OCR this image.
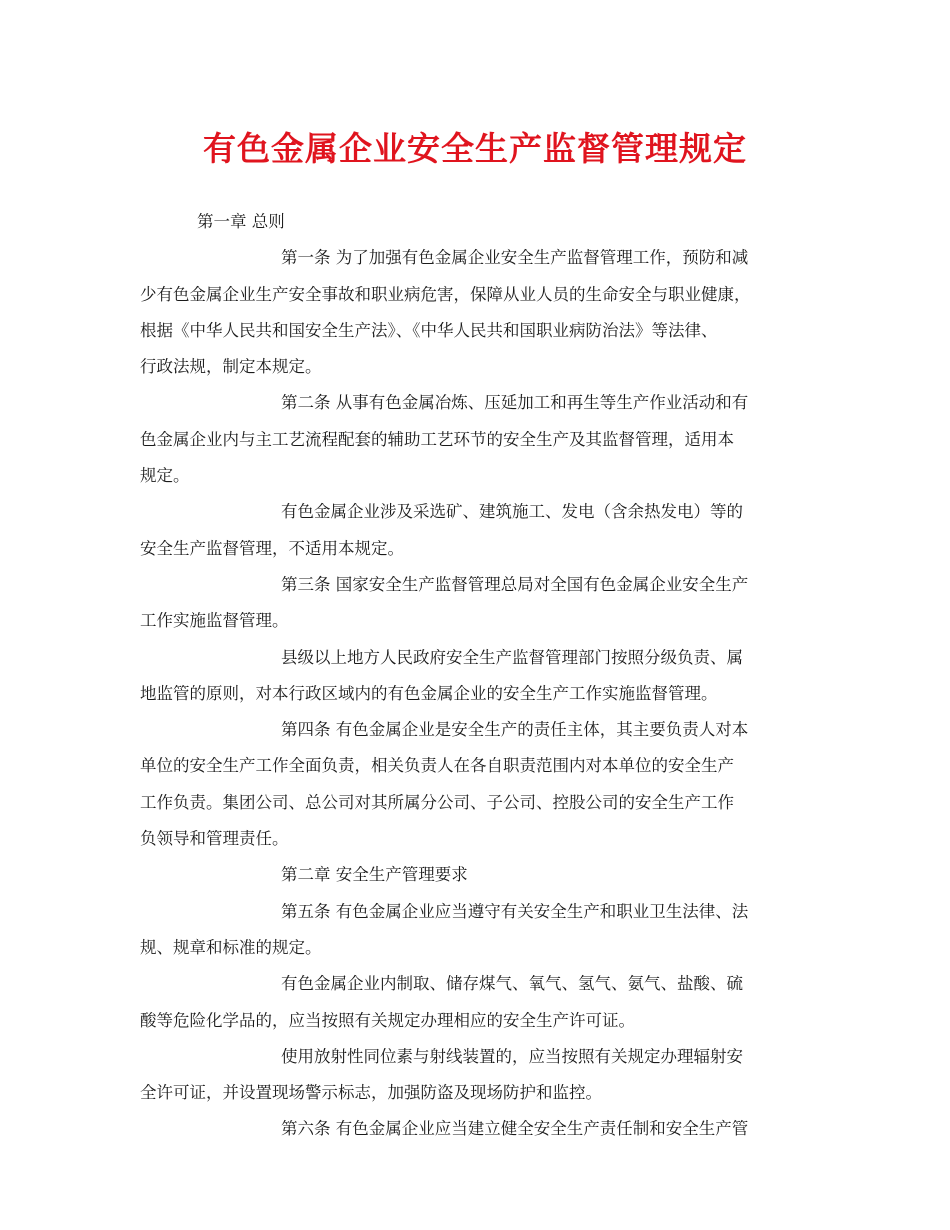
有色金属企业安全生产监督管理规定
第一章 总则
第一条 为了加强有色金属企业安全生产监督管理工作，预防和减
少有色金属企业生产安全事故和职业病危害，保障从业人员的生命安全与职业健康，
根据《中华人民共和国安全生产法》、《中华人民共和国职业病防治法》等法律、
行政法规，制定本规定。
第二条 从事有色金属冶炼、压延加工和再生等生产作业活动和有
色金属企业内与主工艺流程配套的辅助工艺环节的安全生产及其监督管理，适用本
规定。
有色金属企业涉及采选矿、建筑施工、发电（含余热发电）等的
安全生产监督管理，不适用本规定。
第三条 国家安全生产监督管理总局对全国有色金属企业安全生产
工作实施监督管理。
县级以上地方人民政府安全生产监督管理部门按照分级负责、属
地监管的原则，对本行政区域内的有色金属企业的安全生产工作实施监督管理。
第四条 有色金属企业是安全生产的责任主体，其主要负责人对本
单位的安全生产工作全面负责，相关负责人在各自职责范围内对本单位的安全生产
工作负责。集团公司、总公司对其所属分公司、子公司、控股公司的安全生产工作
负领导和管理责任。
第二章 安全生产管理要求
第五条 有色金属企业应当遵守有关安全生产和职业卫生法律、法
规、规章和标准的规定。
有色金属企业内制取、储存煤气、氧气、氢气、氨气、盐酸、硫
酸等危险化学品的，应当按照有关规定办理相应的安全生产许可证。
使用放射性同位素与射线装置的，应当按照有关规定办理辐射安
全许可证，并设置现场警示标志，加强防盗及现场防护和监控。
第六条 有色金属企业应当建立健全安全生产责任制和安全生产管
